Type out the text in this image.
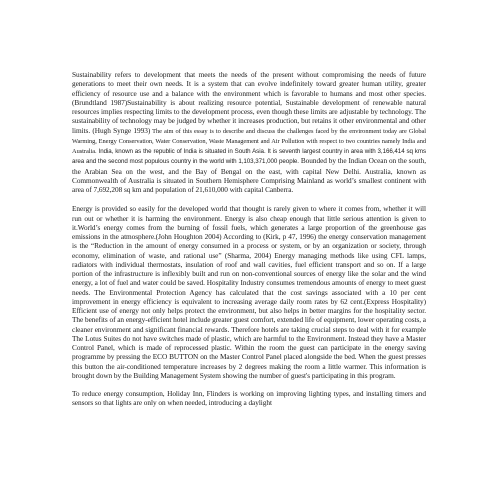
Sustainability refers to development that meets the needs of the present without compromising the needs of future generations to meet their own needs. It is a system that can evolve indefinitely toward greater human utility, greater efficiency of resource use and a balance with the environment which is favorable to humans and most other species. (Brundtland 1987)Sustainability is about realizing resource potential, Sustainable development of renewable natural resources implies respecting limits to the development process, even though these limits are adjustable by technology. The sustainability of technology may be judged by whether it increases production, but retains it other environmental and other limits. (Hugh Synge 1993) The aim of this essay is to describe and discuss the challenges faced by the environment today are Global Warming, Energy Conservation, Water Conservation, Waste Management and Air Pollution with respect to two countries namely India and Australia. India, known as the republic of India is situated in South Asia. It is seventh largest country in area with 3,166,414 sq kms area and the second most populous country in the world with 1,103,371,000 people. Bounded by the Indian Ocean on the south, the Arabian Sea on the west, and the Bay of Bengal on the east, with capital New Delhi. Australia, known as Commonwealth of Australia is situated in Southern Hemisphere Comprising Mainland as world’s smallest continent with area of 7,692,208 sq km and population of 21,610,000 with capital Canberra.

Energy is provided so easily for the developed world that thought is rarely given to where it comes from, whether it will run out or whether it is harming the environment. Energy is also cheap enough that little serious attention is given to it.World’s energy comes from the burning of fossil fuels, which generates a large proportion of the greenhouse gas emissions in the atmosphere.(John Houghton 2004) According to (Kirk, p 47, 1996) the energy conservation management is the “Reduction in the amount of energy consumed in a process or system, or by an organization or society, through economy, elimination of waste, and rational use” (Sharma, 2004) Energy managing methods like using CFL lamps, radiators with individual thermostats, insulation of roof and wall cavities, fuel efficient transport and so on. If a large portion of the infrastructure is inflexibly built and run on non-conventional sources of energy like the solar and the wind energy, a lot of fuel and water could be saved. Hospitality Industry consumes tremendous amounts of energy to meet guest needs. The Environmental Protection Agency has calculated that the cost savings associated with a 10 per cent improvement in energy efficiency is equivalent to increasing average daily room rates by 62 cent.(Express Hospitality) Efficient use of energy not only helps protect the environment, but also helps in better margins for the hospitality sector. The benefits of an energy-efficient hotel include greater guest comfort, extended life of equipment, lower operating costs, a cleaner environment and significant financial rewards. Therefore hotels are taking crucial steps to deal with it for example The Lotus Suites do not have switches made of plastic, which are harmful to the Environment. Instead they have a Master Control Panel, which is made of reprocessed plastic. Within the room the guest can participate in the energy saving programme by pressing the ECO BUTTON on the Master Control Panel placed alongside the bed. When the guest presses this button the air-conditioned temperature increases by 2 degrees making the room a little warmer. This information is brought down by the Building Management System showing the number of guest's participating in this program.

To reduce energy consumption, Holiday Inn, Flinders is working on improving lighting types, and installing timers and sensors so that lights are only on when needed, introducing a daylight
